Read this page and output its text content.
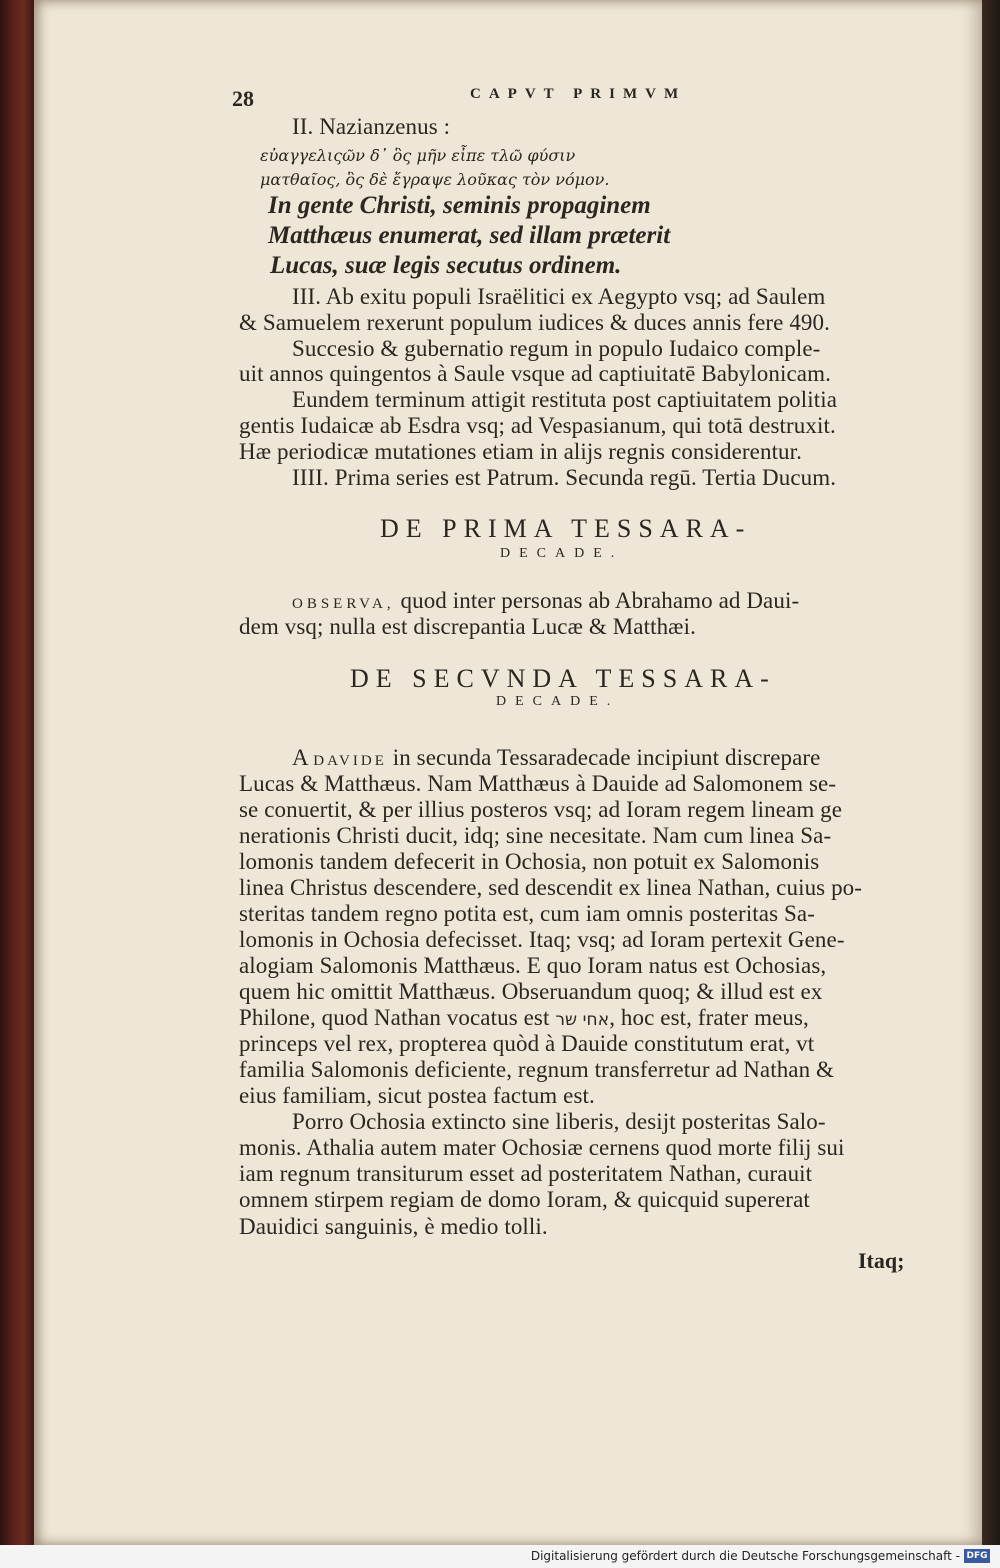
28	CAPVT PRIMVM
II. Nazianzenus :
εὐαγγελιςῶν δ᾽ ὃς μῆν εἶπε τλῶ φύσιν
ματθαῖος, ὃς δὲ ἔγραψε λοῦκας τὸν νόμον.
In gente Christi, seminis propaginem
Matthæus enumerat, sed illam præterit
Lucas, suæ legis secutus ordinem.
III. Ab exitu populi Israëlitici ex Aegypto vsq; ad Saulem
& Samuelem rexerunt populum iudices & duces annis fere 490.
Succesio & gubernatio regum in populo Iudaico comple-
uit annos quingentos à Saule vsque ad captiuitatē Babylonicam.
Eundem terminum attigit restituta post captiuitatem politia
gentis Iudaicæ ab Esdra vsq; ad Vespasianum, qui totā destruxit.
Hæ periodicæ mutationes etiam in alijs regnis considerentur.
IIII. Prima series est Patrum. Secunda regū. Tertia Ducum.
DE PRIMA TESSARA-
DECADE.
OBSERVA, quod inter personas ab Abrahamo ad Daui-
dem vsq; nulla est discrepantia Lucæ & Matthæi.
DE SECVNDA TESSARA-
DECADE.
A DAVIDE in secunda Tessaradecade incipiunt discrepare
Lucas & Matthæus. Nam Matthæus à Dauide ad Salomonem se-
se conuertit, & per illius posteros vsq; ad Ioram regem lineam ge
nerationis Christi ducit, idq; sine necesitate. Nam cum linea Sa-
lomonis tandem defecerit in Ochosia, non potuit ex Salomonis
linea Christus descendere, sed descendit ex linea Nathan, cuius po-
steritas tandem regno potita est, cum iam omnis posteritas Sa-
lomonis in Ochosia defecisset. Itaq; vsq; ad Ioram pertexit Gene-
alogiam Salomonis Matthæus. E quo Ioram natus est Ochosias,
quem hic omittit Matthæus. Obseruandum quoq; & illud est ex
Philone, quod Nathan vocatus est אחי שר, hoc est, frater meus,
princeps vel rex, propterea quòd à Dauide constitutum erat, vt
familia Salomonis deficiente, regnum transferretur ad Nathan &
eius familiam, sicut postea factum est.
Porro Ochosia extincto sine liberis, desijt posteritas Salo-
monis. Athalia autem mater Ochosiæ cernens quod morte filij sui
iam regnum transiturum esset ad posteritatem Nathan, curauit
omnem stirpem regiam de domo Ioram, & quicquid supererat
Dauidici sanguinis, è medio tolli.
Itaq;
Digitalisierung gefördert durch die Deutsche Forschungsgemeinschaft - DFG
